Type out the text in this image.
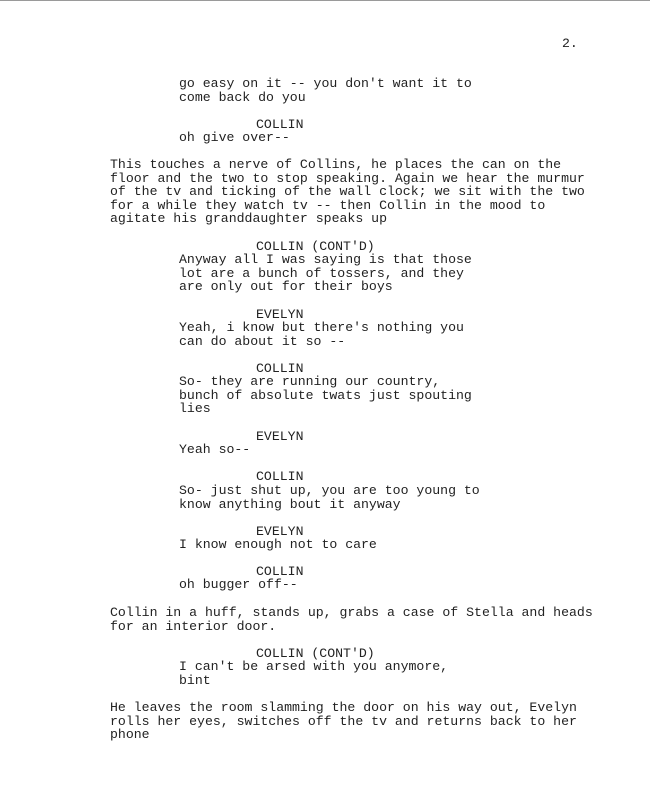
2.
go easy on it -- you don't want it to
come back do you
COLLIN
oh give over--
This touches a nerve of Collins, he places the can on the
floor and the two to stop speaking. Again we hear the murmur
of the tv and ticking of the wall clock; we sit with the two
for a while they watch tv -- then Collin in the mood to
agitate his granddaughter speaks up
COLLIN (CONT'D)
Anyway all I was saying is that those
lot are a bunch of tossers, and they
are only out for their boys
EVELYN
Yeah, i know but there's nothing you
can do about it so --
COLLIN
So- they are running our country,
bunch of absolute twats just spouting
lies
EVELYN
Yeah so--
COLLIN
So- just shut up, you are too young to
know anything bout it anyway
EVELYN
I know enough not to care
COLLIN
oh bugger off--
Collin in a huff, stands up, grabs a case of Stella and heads
for an interior door.
COLLIN (CONT'D)
I can't be arsed with you anymore,
bint
He leaves the room slamming the door on his way out, Evelyn
rolls her eyes, switches off the tv and returns back to her
phone
